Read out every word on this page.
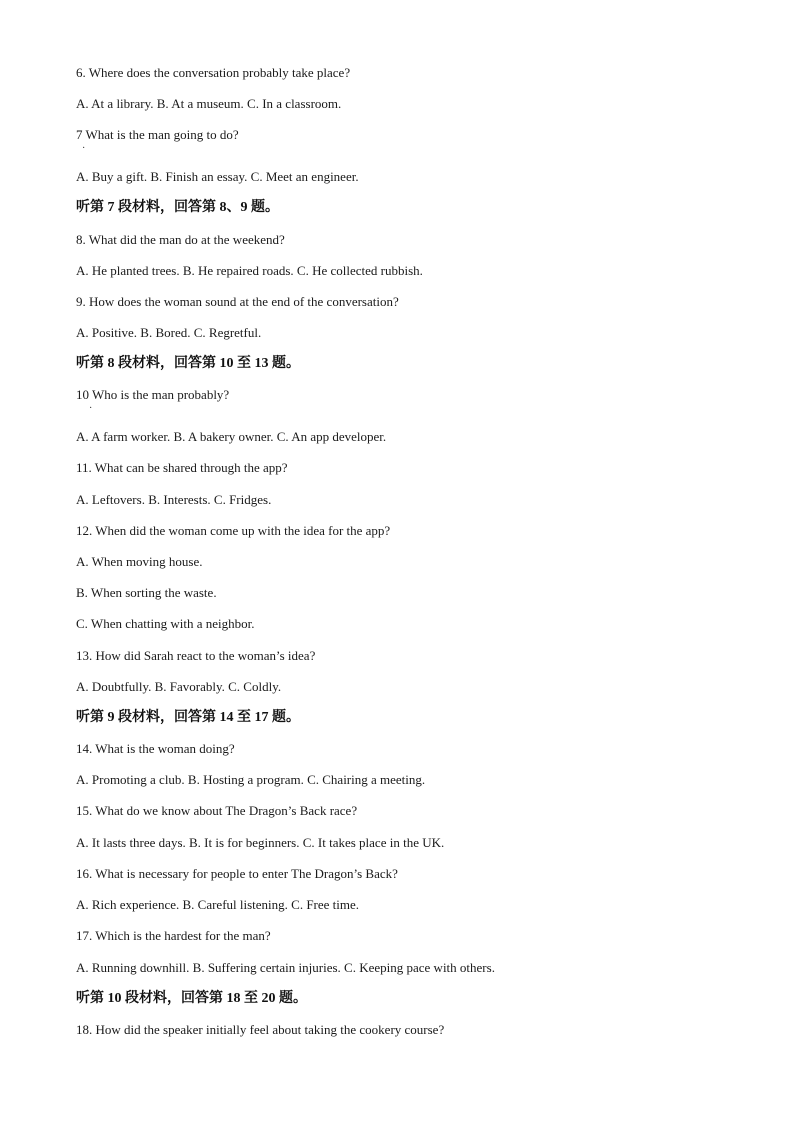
6. Where does the conversation probably take place?

A. At a library. B. At a museum. C. In a classroom.

7 What is the man going to do?

·

A. Buy a gift. B. Finish an essay. C. Meet an engineer.

听第 7 段材料，回答第 8、9 题。

8. What did the man do at the weekend?

A. He planted trees. B. He repaired roads. C. He collected rubbish.

9. How does the woman sound at the end of the conversation?

A. Positive. B. Bored. C. Regretful.

听第 8 段材料，回答第 10 至 13 题。

10 Who is the man probably?

·

A. A farm worker. B. A bakery owner. C. An app developer.

11. What can be shared through the app?

A. Leftovers. B. Interests. C. Fridges.

12. When did the woman come up with the idea for the app?

A. When moving house.

B. When sorting the waste.

C. When chatting with a neighbor.

13. How did Sarah react to the woman’s idea?

A. Doubtfully. B. Favorably. C. Coldly.

听第 9 段材料，回答第 14 至 17 题。

14. What is the woman doing?

A. Promoting a club. B. Hosting a program. C. Chairing a meeting.

15. What do we know about The Dragon’s Back race?

A. It lasts three days. B. It is for beginners. C. It takes place in the UK.

16. What is necessary for people to enter The Dragon’s Back?

A. Rich experience. B. Careful listening. C. Free time.

17. Which is the hardest for the man?

A. Running downhill. B. Suffering certain injuries. C. Keeping pace with others.

听第 10 段材料，回答第 18 至 20 题。

18. How did the speaker initially feel about taking the cookery course?
